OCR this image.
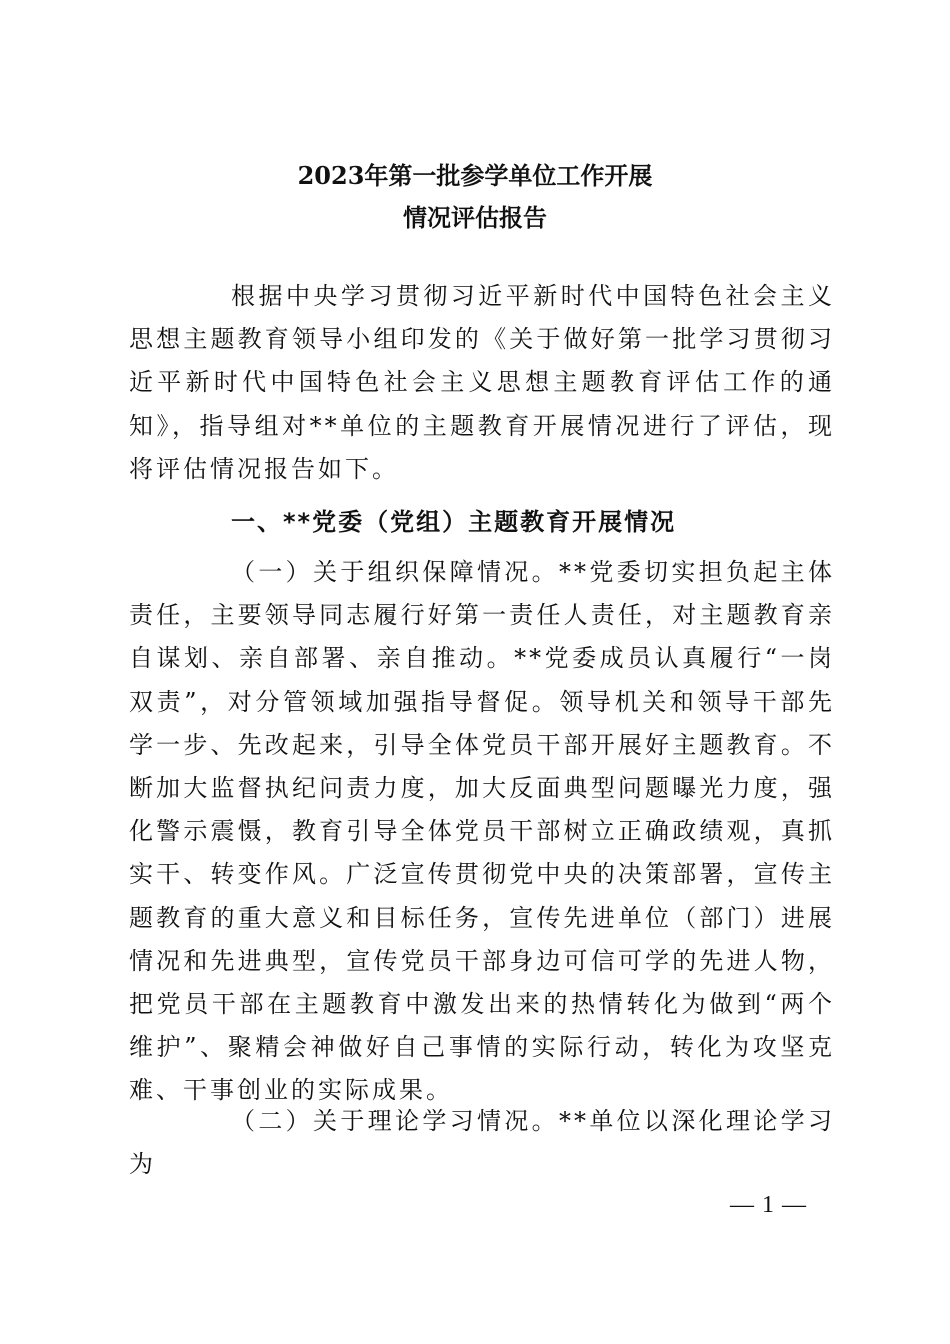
2023年第一批参学单位工作开展
情况评估报告

根据中央学习贯彻习近平新时代中国特色社会主义思想主题教育领导小组印发的《关于做好第一批学习贯彻习近平新时代中国特色社会主义思想主题教育评估工作的通知》，指导组对**单位的主题教育开展情况进行了评估，现将评估情况报告如下。

一、**党委（党组）主题教育开展情况

（一）关于组织保障情况。**党委切实担负起主体责任，主要领导同志履行好第一责任人责任，对主题教育亲自谋划、亲自部署、亲自推动。**党委成员认真履行“一岗双责”，对分管领域加强指导督促。领导机关和领导干部先学一步、先改起来，引导全体党员干部开展好主题教育。不断加大监督执纪问责力度，加大反面典型问题曝光力度，强化警示震慑，教育引导全体党员干部树立正确政绩观，真抓实干、转变作风。广泛宣传贯彻党中央的决策部署，宣传主题教育的重大意义和目标任务，宣传先进单位（部门）进展情况和先进典型，宣传党员干部身边可信可学的先进人物，把党员干部在主题教育中激发出来的热情转化为做到“两个维护”、聚精会神做好自己事情的实际行动，转化为攻坚克难、干事创业的实际成果。

（二）关于理论学习情况。**单位以深化理论学习为

— 1 —
